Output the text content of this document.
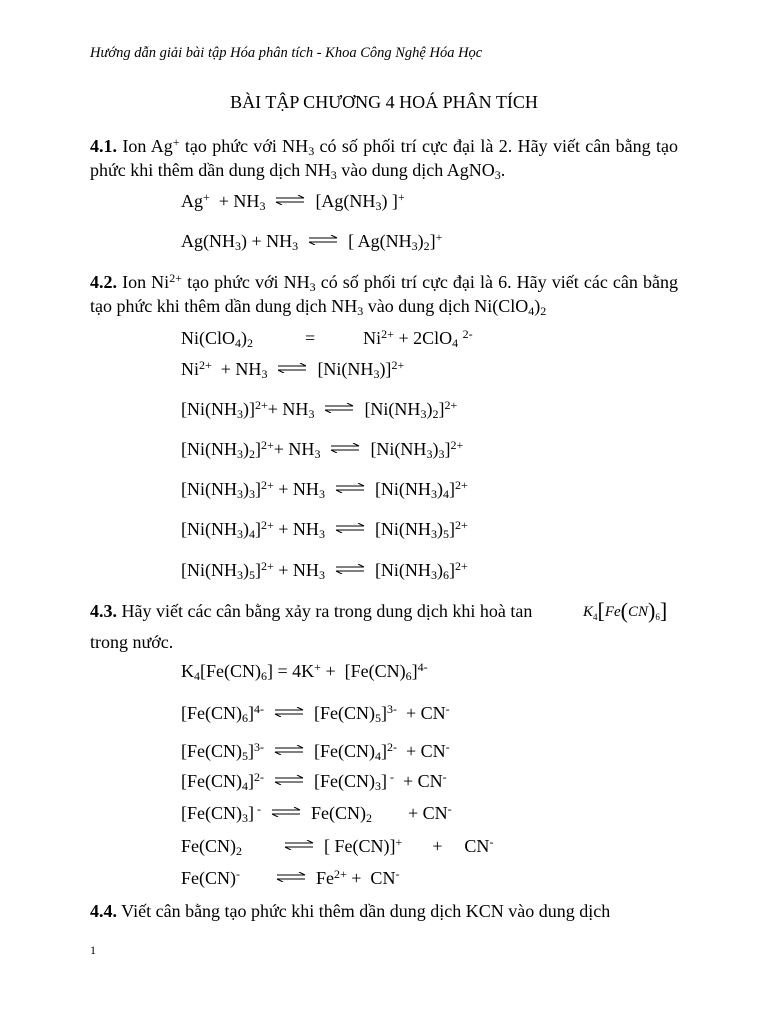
Hướng dẫn giải bài tập Hóa phân tích - Khoa Công Nghệ Hóa Học
BÀI TẬP CHƯƠNG 4 HOÁ PHÂN TÍCH
4.1. Ion Ag+ tạo phức với $NH_3$ có số phối trí cực đại là 2. Hãy viết cân bằng tạo phức khi thêm dần dung dịch $NH_3$ vào dung dịch AgNO$_3$.
$Ag^+ + NH_3$ ⇌ [$Ag(NH_3)$ ]+
$Ag(NH_3) + NH_3$ ⇌ [ $Ag(NH_3)_2]^+$
4.2. Ion $Ni^{2+}$ tạo phức với $NH_3$ có số phối trí cực đại là 6. Hãy viết các cân bằng tạo phức khi thêm dần dung dịch $NH_3$ vào dung dịch $Ni(ClO_4)_2$
$Ni(ClO_4)_2$	=	$Ni^{2+} + 2ClO_4$ $^{2-}$
$Ni^{2+} + NH_3$ ⇌ $[Ni(NH_3)]^{2+}$
$[Ni(NH_3)]^{2+}+ NH_3$ ⇌ $[Ni(NH_3)_2]^{2+}$
$[Ni(NH_3)_2]^{2+}+ NH_3$ ⇌ $[Ni(NH_3)_3]^{2+}$
$[Ni(NH_3)_3]^{2+} + NH_3$ ⇌ $[Ni(NH_3)_4]^{2+}$
$[Ni(NH_3)_4]^{2+} + NH_3$ ⇌ $[Ni(NH_3)_5]^{2+}$
$[Ni(NH_3)_5]^{2+} + NH_3$ ⇌ $[Ni(NH_3)_6]^{2+}$
4.3. Hãy viết các cân bằng xảy ra trong dung dịch khi hoà tan	$K_4[Fe(CN)_6]$
trong nước.
$K_4[Fe(CN)_6] = 4K^+ + [Fe(CN)_6]^{4-}$
$[Fe(CN)_6]^{4-}$ ⇌ $[Fe(CN)_5]^{3-} + CN^-$
$[Fe(CN)_5]^{3-}$ ⇌ $[Fe(CN)_4]^{2-} + CN^-$
$[Fe(CN)_4]^{2-}$ ⇌ $[Fe(CN)_3] ^- + CN^-$
$[Fe(CN)_3]$ - ⇌ $Fe(CN)_2 + CN^-$
$Fe(CN)_2$ ⇌ [ Fe(CN)]+ + CN-
Fe(CN)- ⇌ $Fe^{2+} + CN^-$
4.4. Viết cân bằng tạo phức khi thêm dần dung dịch KCN vào dung dịch
1
